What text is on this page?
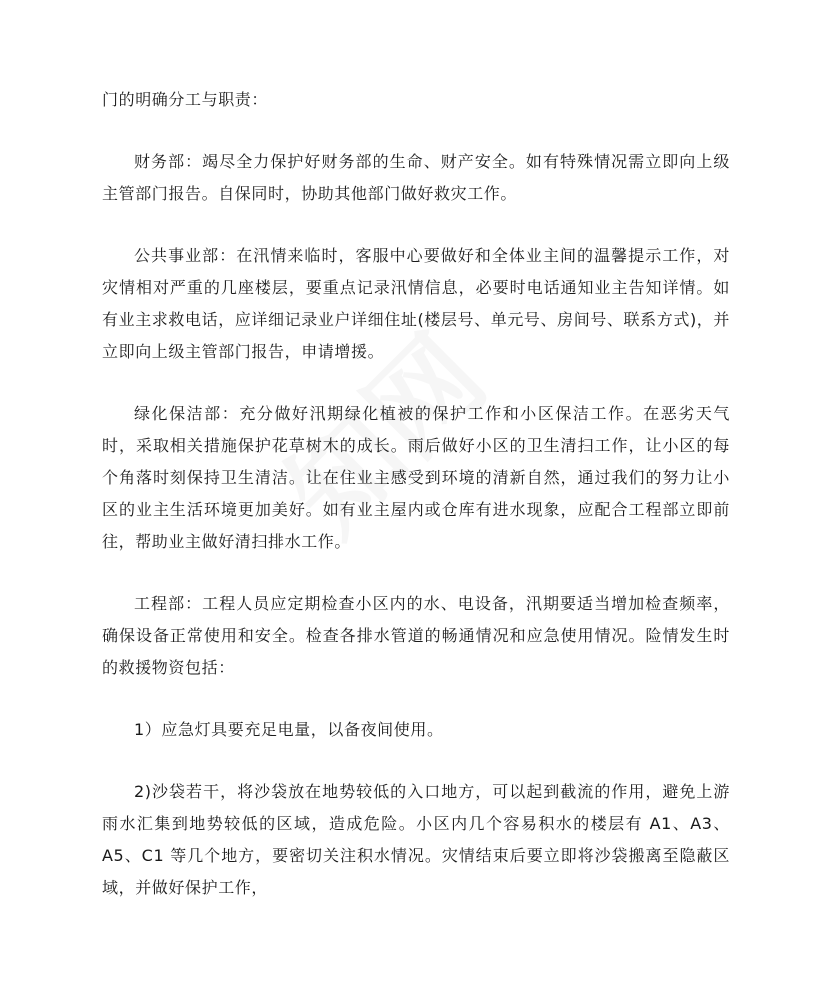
门的明确分工与职责：

财务部：竭尽全力保护好财务部的生命、财产安全。如有特殊情况需立即向上级主管部门报告。自保同时，协助其他部门做好救灾工作。

公共事业部：在汛情来临时，客服中心要做好和全体业主间的温馨提示工作，对灾情相对严重的几座楼层，要重点记录汛情信息，必要时电话通知业主告知详情。如有业主求救电话，应详细记录业户详细住址(楼层号、单元号、房间号、联系方式)，并立即向上级主管部门报告，申请增援。

绿化保洁部：充分做好汛期绿化植被的保护工作和小区保洁工作。在恶劣天气时，采取相关措施保护花草树木的成长。雨后做好小区的卫生清扫工作，让小区的每个角落时刻保持卫生清洁。让在住业主感受到环境的清新自然，通过我们的努力让小区的业主生活环境更加美好。如有业主屋内或仓库有进水现象，应配合工程部立即前往，帮助业主做好清扫排水工作。

工程部：工程人员应定期检查小区内的水、电设备，汛期要适当增加检查频率，确保设备正常使用和安全。检查各排水管道的畅通情况和应急使用情况。险情发生时的救援物资包括：

1）应急灯具要充足电量，以备夜间使用。

2)沙袋若干，将沙袋放在地势较低的入口地方，可以起到截流的作用，避免上游雨水汇集到地势较低的区域，造成危险。小区内几个容易积水的楼层有 A1、A3、A5、C1 等几个地方，要密切关注积水情况。灾情结束后要立即将沙袋搬离至隐蔽区域，并做好保护工作，
